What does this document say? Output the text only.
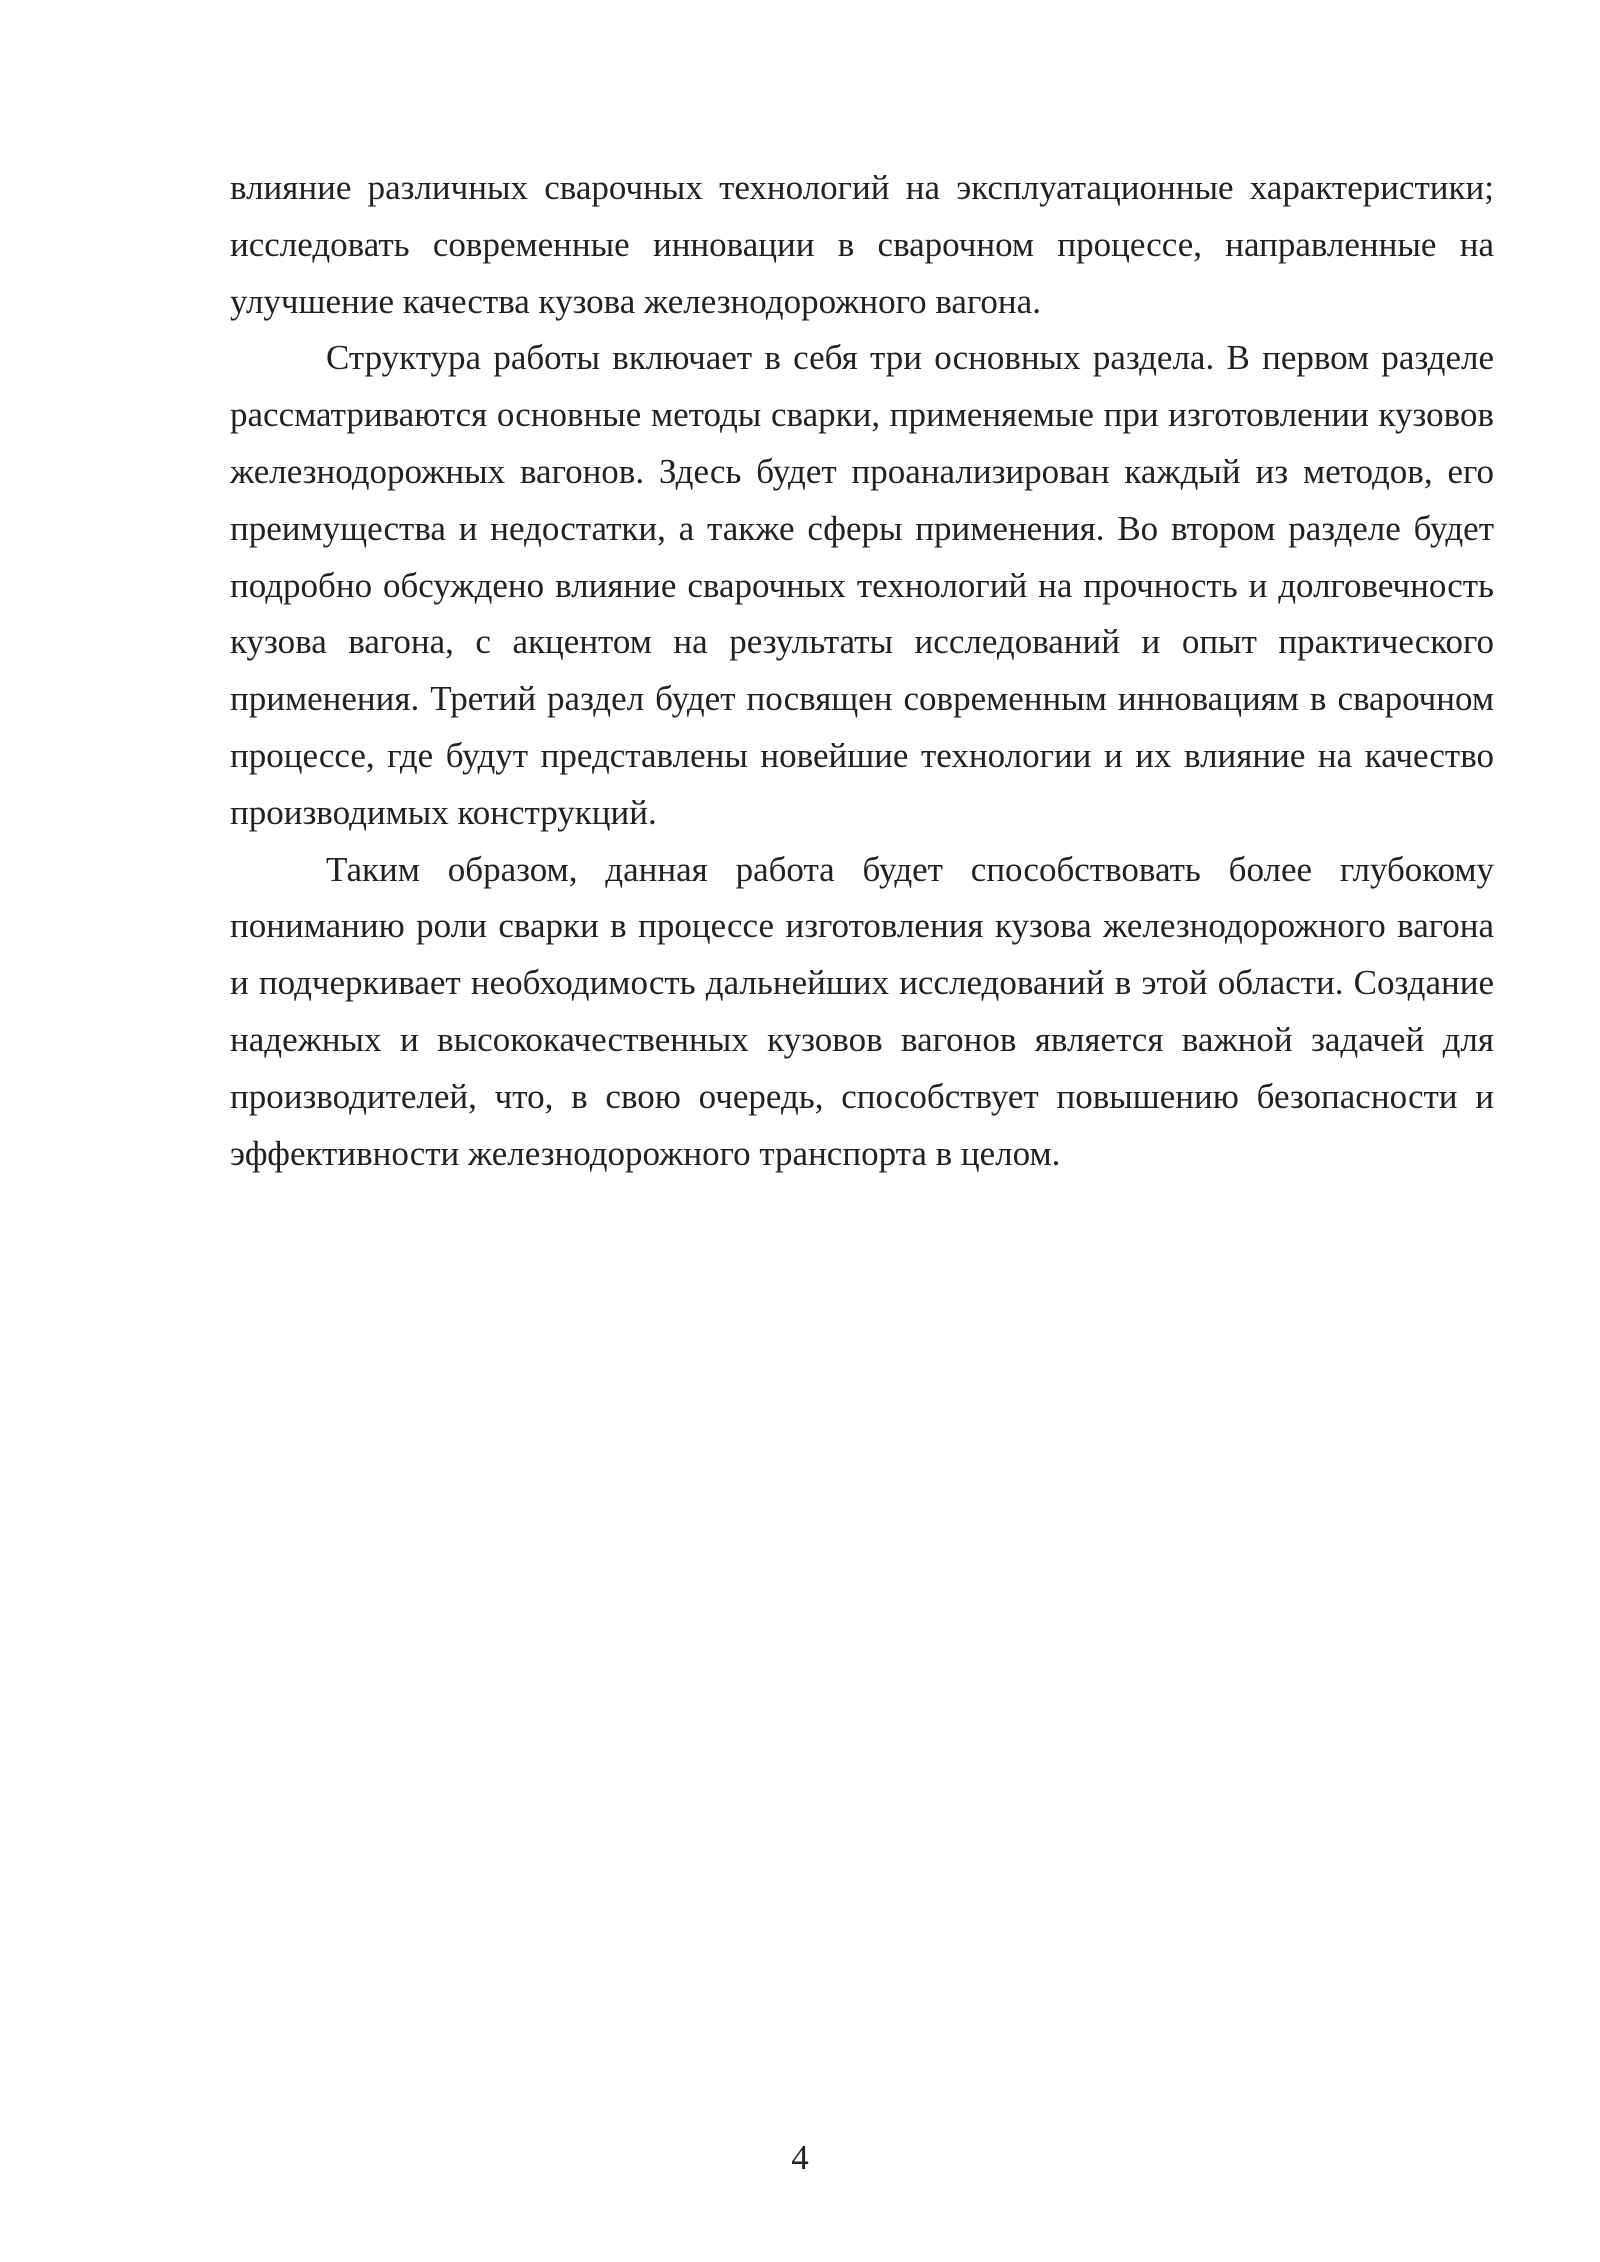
влияние различных сварочных технологий на эксплуатационные характеристики; исследовать современные инновации в сварочном процессе, направленные на улучшение качества кузова железнодорожного вагона.

Структура работы включает в себя три основных раздела. В первом разделе рассматриваются основные методы сварки, применяемые при изготовлении кузовов железнодорожных вагонов. Здесь будет проанализирован каждый из методов, его преимущества и недостатки, а также сферы применения. Во втором разделе будет подробно обсуждено влияние сварочных технологий на прочность и долговечность кузова вагона, с акцентом на результаты исследований и опыт практического применения. Третий раздел будет посвящен современным инновациям в сварочном процессе, где будут представлены новейшие технологии и их влияние на качество производимых конструкций.

Таким образом, данная работа будет способствовать более глубокому пониманию роли сварки в процессе изготовления кузова железнодорожного вагона и подчеркивает необходимость дальнейших исследований в этой области. Создание надежных и высококачественных кузовов вагонов является важной задачей для производителей, что, в свою очередь, способствует повышению безопасности и эффективности железнодорожного транспорта в целом.

4
